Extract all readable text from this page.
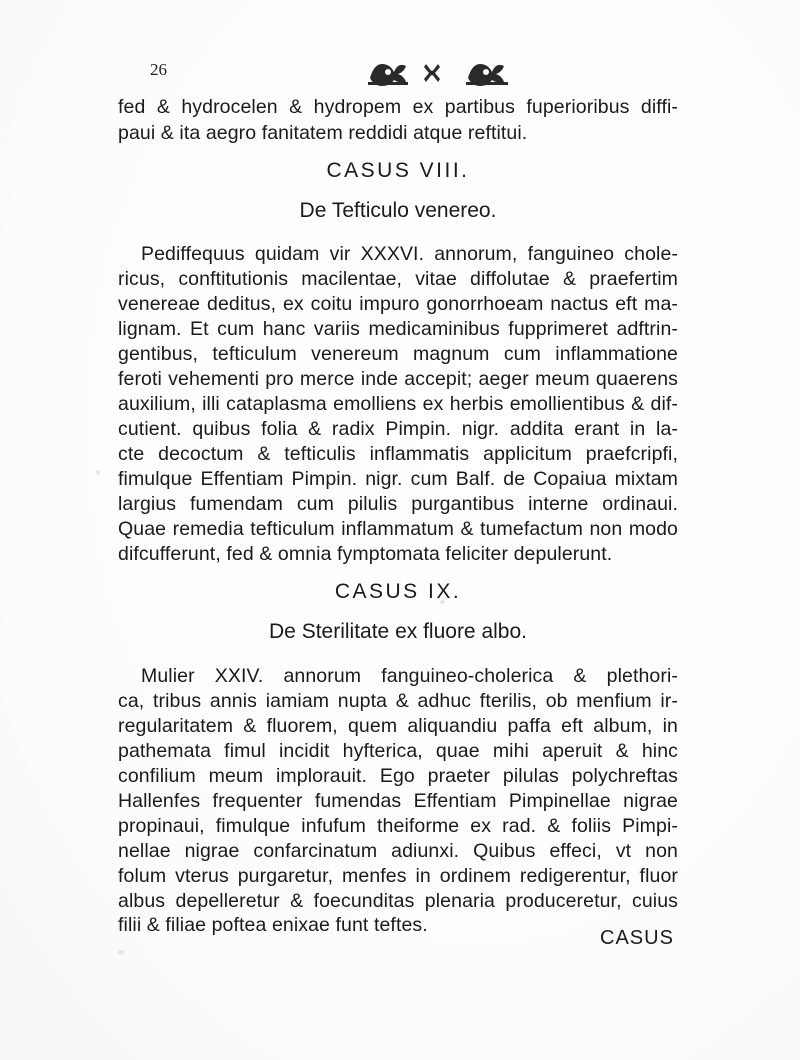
26
fed & hydrocelen & hydropem ex partibus fuperioribus diffi-
paui & ita aegro fanitatem reddidi atque reftitui.
CASUS VIII.
De Tefticulo venereo.
Pediffequus quidam vir XXXVI. annorum, fanguineo chole-
ricus, conftitutionis macilentae, vitae diffolutae & praefertim
venereae deditus, ex coitu impuro gonorrhoeam nactus eft ma-
lignam. Et cum hanc variis medicaminibus fupprimeret adftrin-
gentibus, tefticulum venereum magnum cum inflammatione
feroti vehementi pro merce inde accepit; aeger meum quaerens
auxilium, illi cataplasma emolliens ex herbis emollientibus & dif-
cutient. quibus folia & radix Pimpin. nigr. addita erant in la-
cte decoctum & tefticulis inflammatis applicitum praefcripfi,
fimulque Effentiam Pimpin. nigr. cum Balf. de Copaiua mixtam
largius fumendam cum pilulis purgantibus interne ordinaui.
Quae remedia tefticulum inflammatum & tumefactum non modo
difcufferunt, fed & omnia fymptomata feliciter depulerunt.
CASUS IX.
De Sterilitate ex fluore albo.
Mulier XXIV. annorum fanguineo-cholerica & plethori-
ca, tribus annis iamiam nupta & adhuc fterilis, ob menfium ir-
regularitatem & fluorem, quem aliquandiu paffa eft album, in
pathemata fimul incidit hyfterica, quae mihi aperuit & hinc
confilium meum implorauit. Ego praeter pilulas polychreftas
Hallenfes frequenter fumendas Effentiam Pimpinellae nigrae
propinaui, fimulque infufum theiforme ex rad. & foliis Pimpi-
nellae nigrae confarcinatum adiunxi. Quibus effeci, vt non
folum vterus purgaretur, menfes in ordinem redigerentur, fluor
albus depelleretur & foecunditas plenaria produceretur, cuius
filii & filiae poftea enixae funt teftes.
CASUS
